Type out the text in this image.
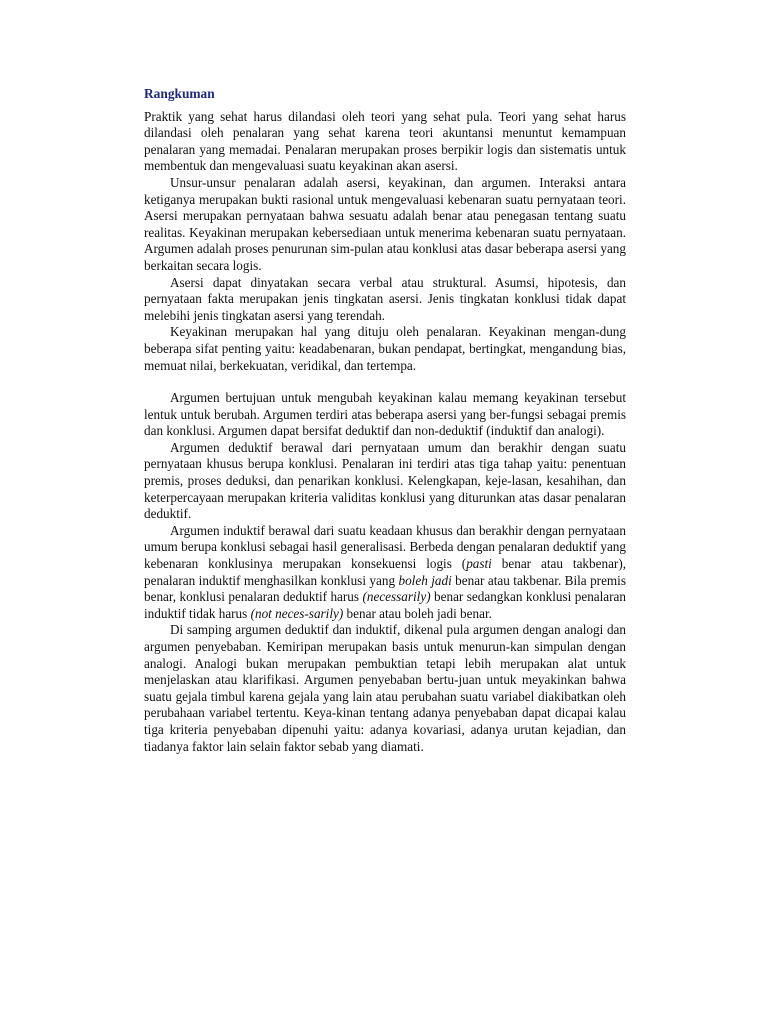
Rangkuman

Praktik yang sehat harus dilandasi oleh teori yang sehat pula. Teori yang sehat harus dilandasi oleh penalaran yang sehat karena teori akuntansi menuntut kemampuan penalaran yang memadai. Penalaran merupakan proses berpikir logis dan sistematis untuk membentuk dan mengevaluasi suatu keyakinan akan asersi.

Unsur-unsur penalaran adalah asersi, keyakinan, dan argumen. Interaksi antara ketiganya merupakan bukti rasional untuk mengevaluasi kebenaran suatu pernyataan teori. Asersi merupakan pernyataan bahwa sesuatu adalah benar atau penegasan tentang suatu realitas. Keyakinan merupakan kebersediaan untuk menerima kebenaran suatu pernyataan. Argumen adalah proses penurunan sim-pulan atau konklusi atas dasar beberapa asersi yang berkaitan secara logis.

Asersi dapat dinyatakan secara verbal atau struktural. Asumsi, hipotesis, dan pernyataan fakta merupakan jenis tingkatan asersi. Jenis tingkatan konklusi tidak dapat melebihi jenis tingkatan asersi yang terendah.

Keyakinan merupakan hal yang dituju oleh penalaran. Keyakinan mengan-dung beberapa sifat penting yaitu: keadabenaran, bukan pendapat, bertingkat, mengandung bias, memuat nilai, berkekuatan, veridikal, dan tertempa.

Argumen bertujuan untuk mengubah keyakinan kalau memang keyakinan tersebut lentuk untuk berubah. Argumen terdiri atas beberapa asersi yang ber-fungsi sebagai premis dan konklusi. Argumen dapat bersifat deduktif dan non-deduktif (induktif dan analogi).

Argumen deduktif berawal dari pernyataan umum dan berakhir dengan suatu pernyataan khusus berupa konklusi. Penalaran ini terdiri atas tiga tahap yaitu: penentuan premis, proses deduksi, dan penarikan konklusi. Kelengkapan, keje-lasan, kesahihan, dan keterpercayaan merupakan kriteria validitas konklusi yang diturunkan atas dasar penalaran deduktif.

Argumen induktif berawal dari suatu keadaan khusus dan berakhir dengan pernyataan umum berupa konklusi sebagai hasil generalisasi. Berbeda dengan penalaran deduktif yang kebenaran konklusinya merupakan konsekuensi logis (pasti benar atau takbenar), penalaran induktif menghasilkan konklusi yang boleh jadi benar atau takbenar. Bila premis benar, konklusi penalaran deduktif harus (necessarily) benar sedangkan konklusi penalaran induktif tidak harus (not neces-sarily) benar atau boleh jadi benar.

Di samping argumen deduktif dan induktif, dikenal pula argumen dengan analogi dan argumen penyebaban. Kemiripan merupakan basis untuk menurun-kan simpulan dengan analogi. Analogi bukan merupakan pembuktian tetapi lebih merupakan alat untuk menjelaskan atau klarifikasi. Argumen penyebaban bertu-juan untuk meyakinkan bahwa suatu gejala timbul karena gejala yang lain atau perubahan suatu variabel diakibatkan oleh perubahaan variabel tertentu. Keya-kinan tentang adanya penyebaban dapat dicapai kalau tiga kriteria penyebaban dipenuhi yaitu: adanya kovariasi, adanya urutan kejadian, dan tiadanya faktor lain selain faktor sebab yang diamati.
